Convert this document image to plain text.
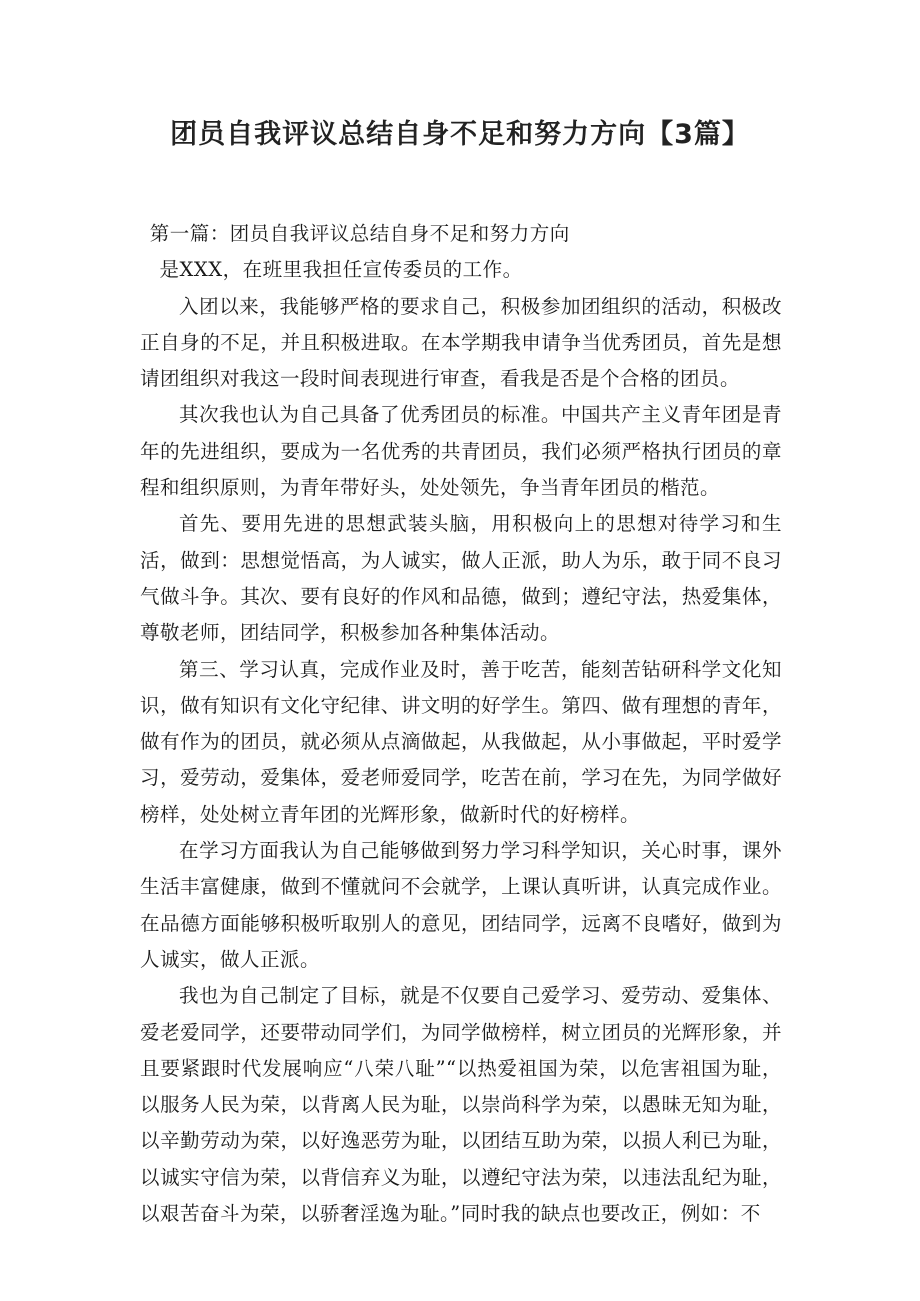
团员自我评议总结自身不足和努力方向【3篇】

第一篇：团员自我评议总结自身不足和努力方向

是XXX，在班里我担任宣传委员的工作。

入团以来，我能够严格的要求自己，积极参加团组织的活动，积极改正自身的不足，并且积极进取。在本学期我申请争当优秀团员，首先是想请团组织对我这一段时间表现进行审查，看我是否是个合格的团员。

其次我也认为自己具备了优秀团员的标准。中国共产主义青年团是青年的先进组织，要成为一名优秀的共青团员，我们必须严格执行团员的章程和组织原则，为青年带好头，处处领先，争当青年团员的楷范。

首先、要用先进的思想武装头脑，用积极向上的思想对待学习和生活，做到：思想觉悟高，为人诚实，做人正派，助人为乐，敢于同不良习气做斗争。其次、要有良好的作风和品德，做到；遵纪守法，热爱集体，尊敬老师，团结同学，积极参加各种集体活动。

第三、学习认真，完成作业及时，善于吃苦，能刻苦钻研科学文化知识，做有知识有文化守纪律、讲文明的好学生。第四、做有理想的青年，做有作为的团员，就必须从点滴做起，从我做起，从小事做起，平时爱学习，爱劳动，爱集体，爱老师爱同学，吃苦在前，学习在先，为同学做好榜样，处处树立青年团的光辉形象，做新时代的好榜样。

在学习方面我认为自己能够做到努力学习科学知识，关心时事，课外生活丰富健康，做到不懂就问不会就学，上课认真听讲，认真完成作业。在品德方面能够积极听取别人的意见，团结同学，远离不良嗜好，做到为人诚实，做人正派。

我也为自己制定了目标，就是不仅要自己爱学习、爱劳动、爱集体、爱老爱同学，还要带动同学们，为同学做榜样，树立团员的光辉形象，并且要紧跟时代发展响应“八荣八耻”“以热爱祖国为荣，以危害祖国为耻，以服务人民为荣，以背离人民为耻，以崇尚科学为荣，以愚昧无知为耻，以辛勤劳动为荣，以好逸恶劳为耻，以团结互助为荣，以损人利已为耻，以诚实守信为荣，以背信弃义为耻，以遵纪守法为荣，以违法乱纪为耻，以艰苦奋斗为荣，以骄奢淫逸为耻。”同时我的缺点也要改正，例如：不
